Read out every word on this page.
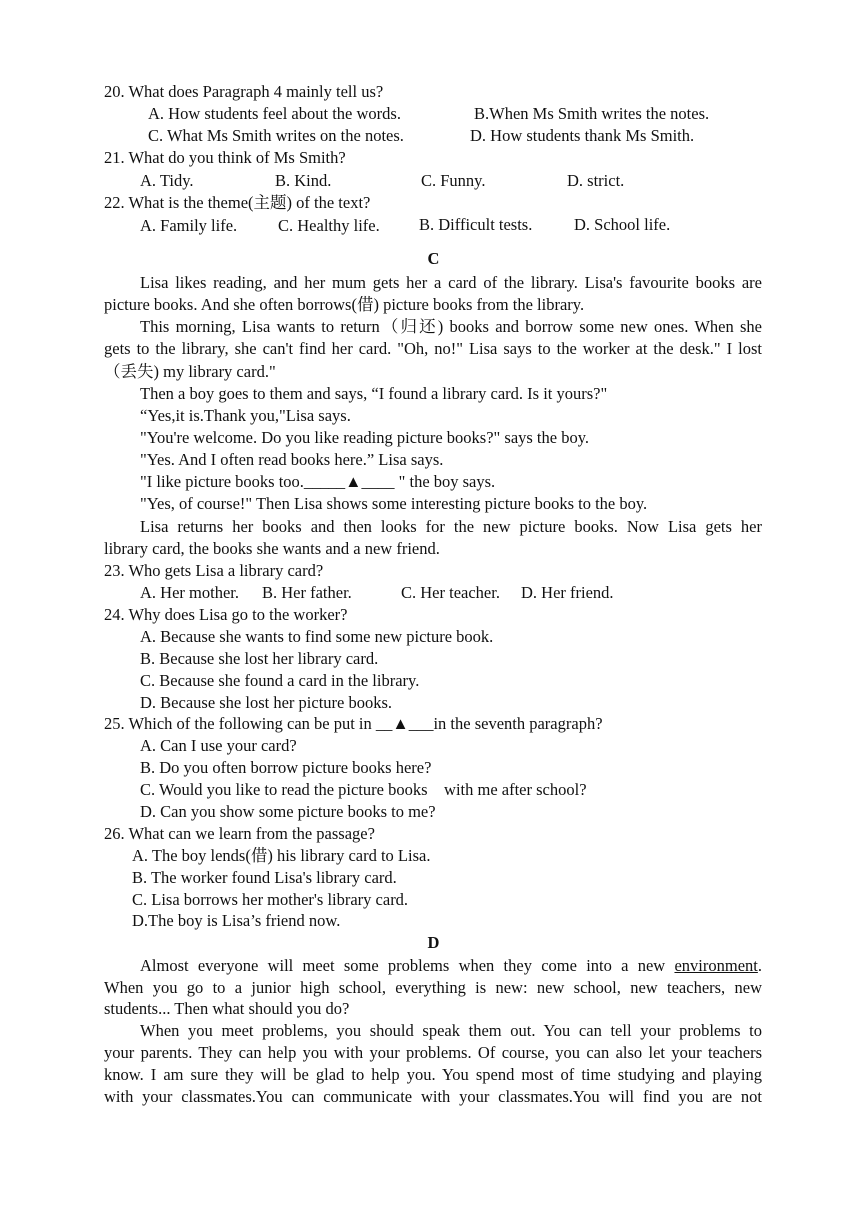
20. What does Paragraph 4 mainly tell us?
A. How students feel about the words.	B.When Ms Smith writes the notes.
C. What Ms Smith writes on the notes.	D. How students thank Ms Smith.
21. What do you think of Ms Smith?
A. Tidy.	B. Kind.	C. Funny.	D. strict.
22. What is the theme(主题) of the text?
A. Family life. C. Healthy life. B. Difficult tests.	D. School life.
C
Lisa likes reading, and her mum gets her a card of the library. Lisa's favourite books are
picture books. And she often borrows(借) picture books from the library.
This morning, Lisa wants to return（归还) books and borrow some new ones. When she
gets to the library, she can't find her card. "Oh, no!" Lisa says to the worker at the desk." I lost
（丢失) my library card."
Then a boy goes to them and says, “I found a library card. Is it yours?"
“Yes,it is.Thank you,"Lisa says.
"You're welcome. Do you like reading picture books?" says the boy.
"Yes. And I often read books here.” Lisa says.
"I like picture books too._____▲____ " the boy says.
"Yes, of course!" Then Lisa shows some interesting picture books to the boy.
Lisa returns her books and then looks for the new picture books. Now Lisa gets her
library card, the books she wants and a new friend.
23. Who gets Lisa a library card?
A. Her mother. B. Her father.	C. Her teacher. D. Her friend.
24. Why does Lisa go to the worker?
A. Because she wants to find some new picture book.
B. Because she lost her library card.
C. Because she found a card in the library.
D. Because she lost her picture books.
25. Which of the following can be put in __▲___in the seventh paragraph?
A. Can I use your card?
B. Do you often borrow picture books here?
C. Would you like to read the picture books    with me after school?
D. Can you show some picture books to me?
26. What can we learn from the passage?
A. The boy lends(借) his library card to Lisa.
B. The worker found Lisa's library card.
C. Lisa borrows her mother's library card.
D.The boy is Lisa’s friend now.
D
Almost everyone will meet some problems when they come into a new environment.
When you go to a junior high school, everything is new: new school, new teachers, new
students... Then what should you do?
When you meet problems, you should speak them out. You can tell your problems to
your parents. They can help you with your problems. Of course, you can also let your teachers
know. I am sure they will be glad to help you. You spend most of time studying and playing
with your classmates.You can communicate with your classmates.You will find you are not
